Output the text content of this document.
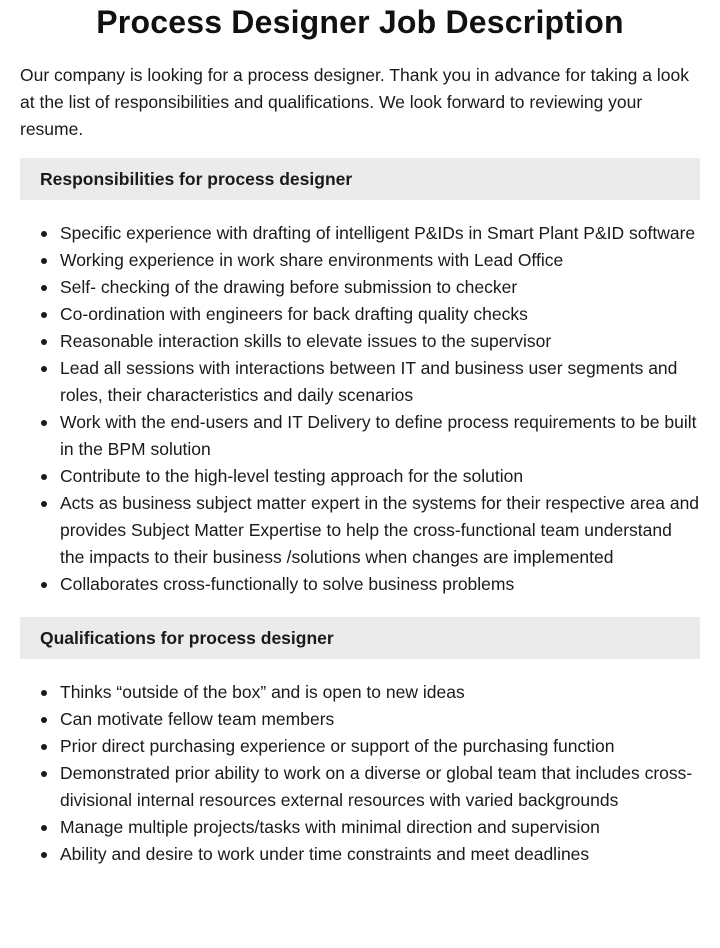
Process Designer Job Description

Our company is looking for a process designer. Thank you in advance for taking a look at the list of responsibilities and qualifications. We look forward to reviewing your resume.

Responsibilities for process designer
Specific experience with drafting of intelligent P&IDs in Smart Plant P&ID software
Working experience in work share environments with Lead Office
Self- checking of the drawing before submission to checker
Co-ordination with engineers for back drafting quality checks
Reasonable interaction skills to elevate issues to the supervisor
Lead all sessions with interactions between IT and business user segments and roles, their characteristics and daily scenarios
Work with the end-users and IT Delivery to define process requirements to be built in the BPM solution
Contribute to the high-level testing approach for the solution
Acts as business subject matter expert in the systems for their respective area and provides Subject Matter Expertise to help the cross-functional team understand the impacts to their business /solutions when changes are implemented
Collaborates cross-functionally to solve business problems
Qualifications for process designer
Thinks “outside of the box” and is open to new ideas
Can motivate fellow team members
Prior direct purchasing experience or support of the purchasing function
Demonstrated prior ability to work on a diverse or global team that includes cross-divisional internal resources external resources with varied backgrounds
Manage multiple projects/tasks with minimal direction and supervision
Ability and desire to work under time constraints and meet deadlines
